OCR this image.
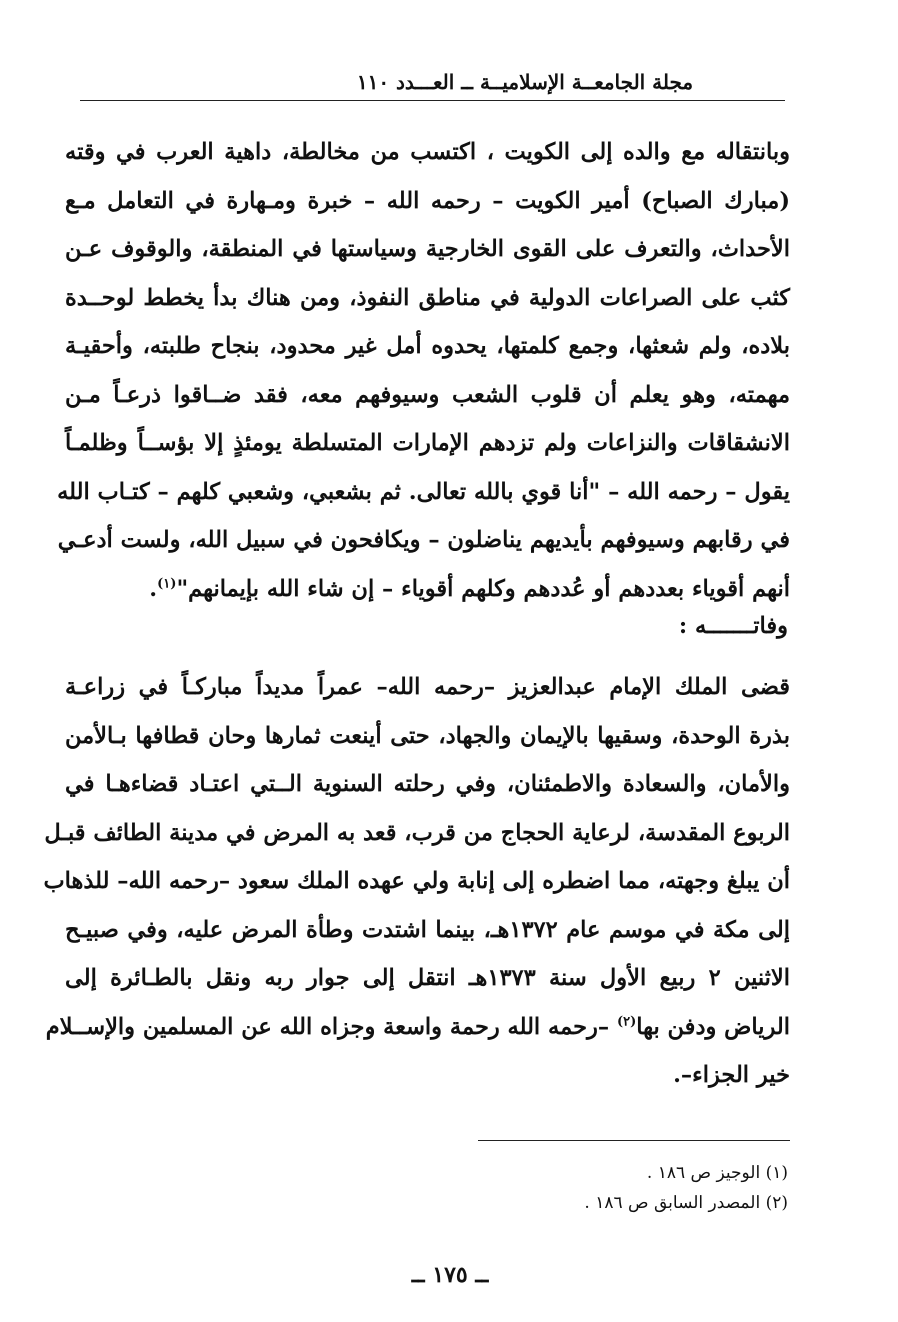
مجلة الجامعــة الإسلاميــة ــ العـــدد ١١٠
وبانتقاله مع والده إلى الكويت ، اكتسب من مخالطة، داهية العرب في وقته
(مبارك الصباح) أمير الكويت – رحمه الله – خبرة ومـهارة في التعامل مـع
الأحداث، والتعرف على القوى الخارجية وسياستها في المنطقة، والوقوف عـن
كثب على الصراعات الدولية في مناطق النفوذ، ومن هناك بدأ يخطط لوحــدة
بلاده، ولم شعثها، وجمع كلمتها، يحدوه أمل غير محدود، بنجاح طلبته، وأحقيـة
مهمته، وهو يعلم أن قلوب الشعب وسيوفهم معه، فقد ضــاقوا ذرعـاً مـن
الانشقاقات والنزاعات ولم تزدهم الإمارات المتسلطة يومئذٍ إلا بؤســاً وظلمـاً
يقول – رحمه الله – "أنا قوي بالله تعالى. ثم بشعبي، وشعبي كلهم – كتـاب الله
في رقابهم وسيوفهم بأيديهم يناضلون – ويكافحون في سبيل الله، ولست أدعـي
أنهم أقوياء بعددهم أو عُددهم وكلهم أقوياء – إن شاء الله بإيمانهم"$^{(١)}$.
وفاتـــــــه :
قضى الملك الإمام عبدالعزيز –رحمه الله– عمراً مديداً مباركـاً في زراعـة
بذرة الوحدة، وسقيها بالإيمان والجهاد، حتى أينعت ثمارها وحان قطافها بـالأمن
والأمان، والسعادة والاطمئنان، وفي رحلته السنوية الــتي اعتـاد قضاءهـا في
الربوع المقدسة، لرعاية الحجاج من قرب، قعد به المرض في مدينة الطائف قبـل
أن يبلغ وجهته، مما اضطره إلى إنابة ولي عهده الملك سعود –رحمه الله– للذهاب
إلى مكة في موسم عام ١٣٧٢هـ، بينما اشتدت وطأة المرض عليه، وفي صبيـح
الاثنين ٢ ربيع الأول سنة ١٣٧٣هـ انتقل إلى جوار ربه ونقل بالطـائرة إلى
الرياض ودفن بها$^{(٢)}$ –رحمه الله رحمة واسعة وجزاه الله عن المسلمين والإســلام
خير الجزاء–.
(١) الوجيز ص ١٨٦ .
(٢) المصدر السابق ص ١٨٦ .
ــ ١٧٥ ــ
